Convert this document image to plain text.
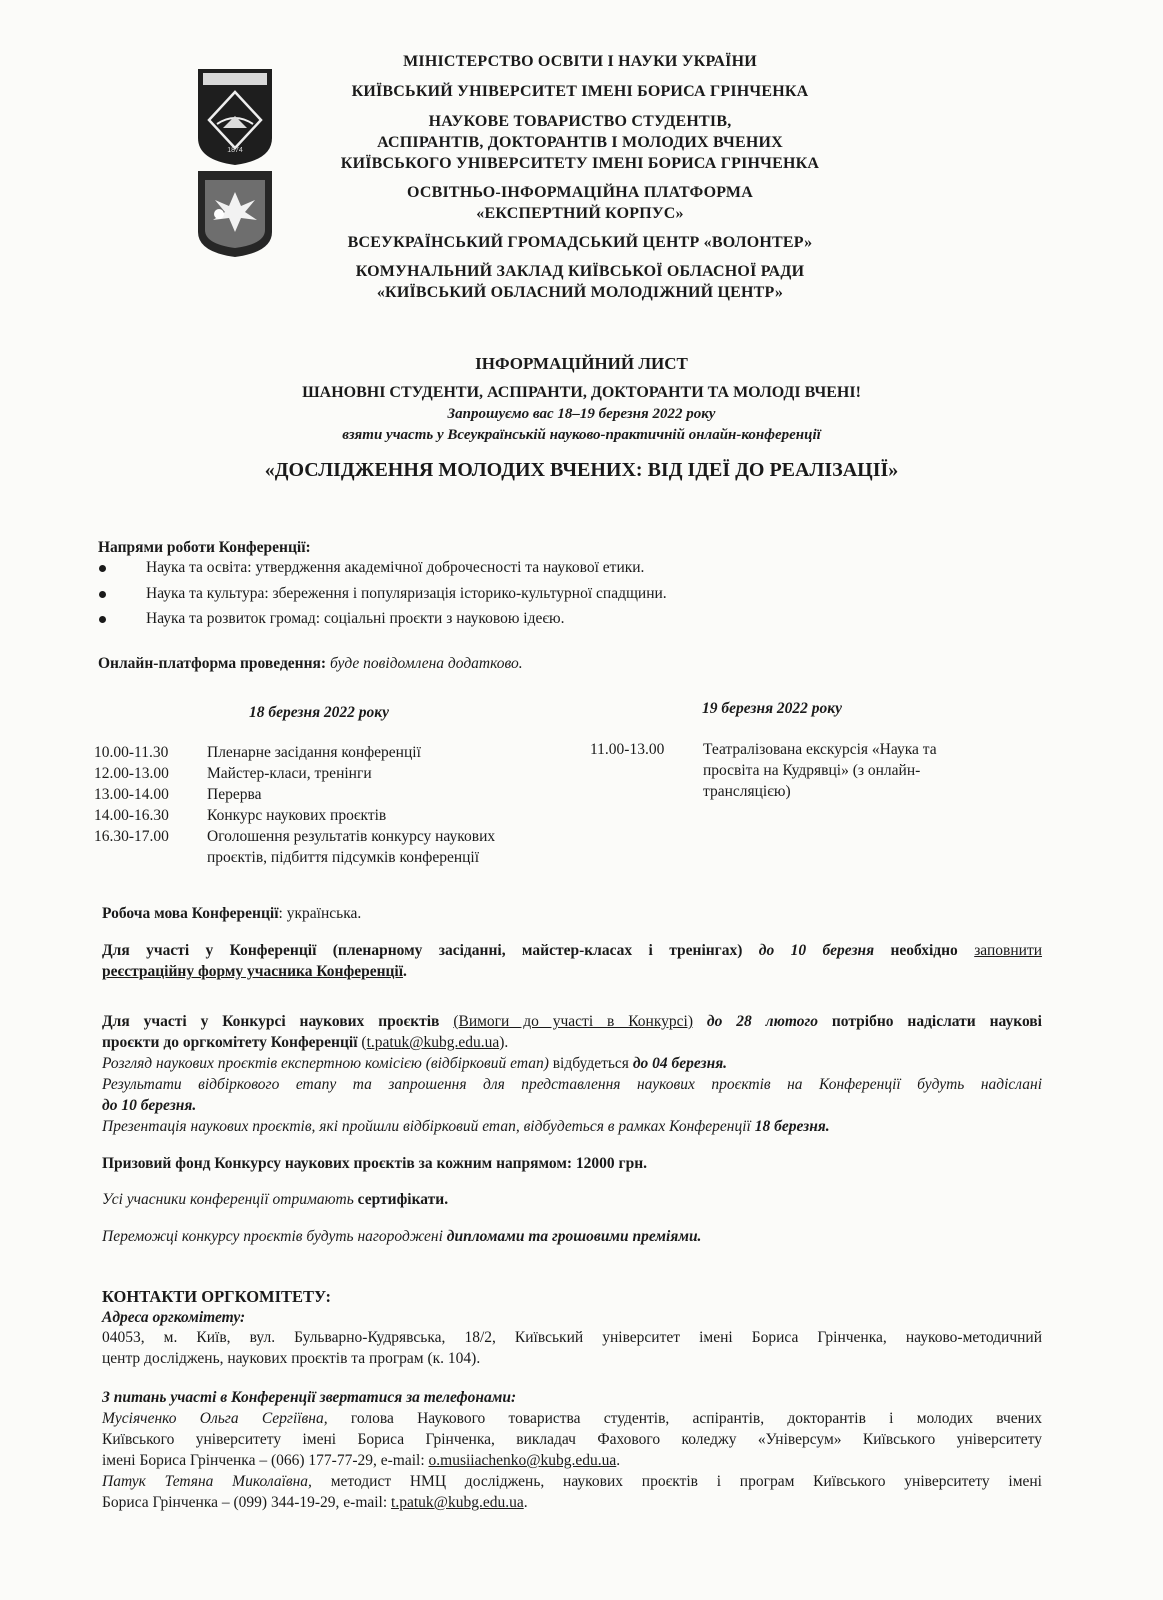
1874
МІНІСТЕРСТВО ОСВІТИ І НАУКИ УКРАЇНИ
КИЇВСЬКИЙ УНІВЕРСИТЕТ ІМЕНІ БОРИСА ГРІНЧЕНКА
НАУКОВЕ ТОВАРИСТВО СТУДЕНТІВ,
АСПІРАНТІВ, ДОКТОРАНТІВ І МОЛОДИХ ВЧЕНИХ
КИЇВСЬКОГО УНІВЕРСИТЕТУ ІМЕНІ БОРИСА ГРІНЧЕНКА
ОСВІТНЬО-ІНФОРМАЦІЙНА ПЛАТФОРМА
«ЕКСПЕРТНИЙ КОРПУС»
ВСЕУКРАЇНСЬКИЙ ГРОМАДСЬКИЙ ЦЕНТР «ВОЛОНТЕР»
КОМУНАЛЬНИЙ ЗАКЛАД КИЇВСЬКОЇ ОБЛАСНОЇ РАДИ
«КИЇВСЬКИЙ ОБЛАСНИЙ МОЛОДІЖНИЙ ЦЕНТР»
ІНФОРМАЦІЙНИЙ ЛИСТ
ШАНОВНІ СТУДЕНТИ, АСПІРАНТИ, ДОКТОРАНТИ ТА МОЛОДІ ВЧЕНІ!
Запрошуємо вас 18–19 березня 2022 року
взяти участь у Всеукраїнській науково-практичній онлайн-конференції
«ДОСЛІДЖЕННЯ МОЛОДИХ ВЧЕНИХ: ВІД ІДЕЇ ДО РЕАЛІЗАЦІЇ»
Напрями роботи Конференції:
Наука та освіта: утвердження академічної доброчесності та наукової етики.
Наука та культура: збереження і популяризація історико-культурної спадщини.
Наука та розвиток громад: соціальні проєкти з науковою ідеєю.
Онлайн-платформа проведення: буде повідомлена додатково.
18 березня 2022 року	19 березня 2022 року
10.00-11.30 Пленарне засідання конференції
12.00-13.00 Майстер-класи, тренінги
13.00-14.00 Перерва
14.00-16.30 Конкурс наукових проєктів
16.30-17.00 Оголошення результатів конкурсу наукових
проєктів, підбиття підсумків конференції
11.00-13.00 Театралізована екскурсія «Наука та
просвіта на Кудрявці» (з онлайн-
трансляцією)
Робоча мова Конференції: українська.
Для участі у Конференції (пленарному засіданні, майстер-класах і тренінгах) до 10 березня необхідно заповнити
реєстраційну форму учасника Конференції.
Для участі у Конкурсі наукових проєктів (Вимоги до участі в Конкурсі) до 28 лютого потрібно надіслати наукові
проєкти до оргкомітету Конференції (t.patuk@kubg.edu.ua).
Розгляд наукових проєктів експертною комісією (відбірковий етап) відбудеться до 04 березня.
Результати відбіркового етапу та запрошення для представлення наукових проєктів на Конференції будуть надіслані
до 10 березня.
Презентація наукових проєктів, які пройшли відбірковий етап, відбудеться в рамках Конференції 18 березня.
Призовий фонд Конкурсу наукових проєктів за кожним напрямом: 12000 грн.
Усі учасники конференції отримають сертифікати.
Переможці конкурсу проєктів будуть нагороджені дипломами та грошовими преміями.
КОНТАКТИ ОРГКОМІТЕТУ:
Адреса оргкомітету:
04053, м. Київ, вул. Бульварно-Кудрявська, 18/2, Київський університет імені Бориса Грінченка, науково-методичний
центр досліджень, наукових проєктів та програм (к. 104).
З питань участі в Конференції звертатися за телефонами:
Мусіяченко Ольга Сергіївна, голова Наукового товариства студентів, аспірантів, докторантів і молодих вчених
Київського університету імені Бориса Грінченка, викладач Фахового коледжу «Універсум» Київського університету
імені Бориса Грінченка – (066) 177-77-29, e-mail: o.musiiachenko@kubg.edu.ua.
Патук Тетяна Миколаївна, методист НМЦ досліджень, наукових проєктів і програм Київського університету імені
Бориса Грінченка – (099) 344-19-29, e-mail: t.patuk@kubg.edu.ua.
